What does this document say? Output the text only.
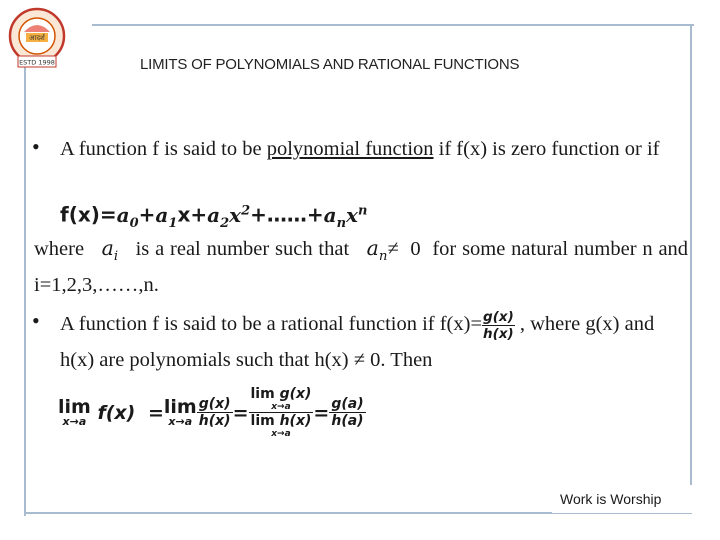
आदर्श
ESTD 1998	LIMITS OF POLYNOMIALS AND RATIONAL FUNCTIONS
• A function f is said to be polynomial function if f(x) is zero function or if
$f(x)=a_0+a_1x+a_2x^2+\dots\dots+a_nx^n$
where $a_i$ is a real number such that $a_n\ne 0$ for some natural number n and i=1,2,3,……,n.
• A function f is said to be a rational function if $f(x)= \frac{g(x)}{h(x)}$ , where g(x) and h(x) are polynomials such that h(x) ≠ 0. Then
lim
x→a f(x) =lim
$x\to a \frac{g(x)}{h(x)} = \lim g(x)$
x→a
lim h(x)
$x\to a = \frac{g(a)}{h(a)}$
Work is Worship
